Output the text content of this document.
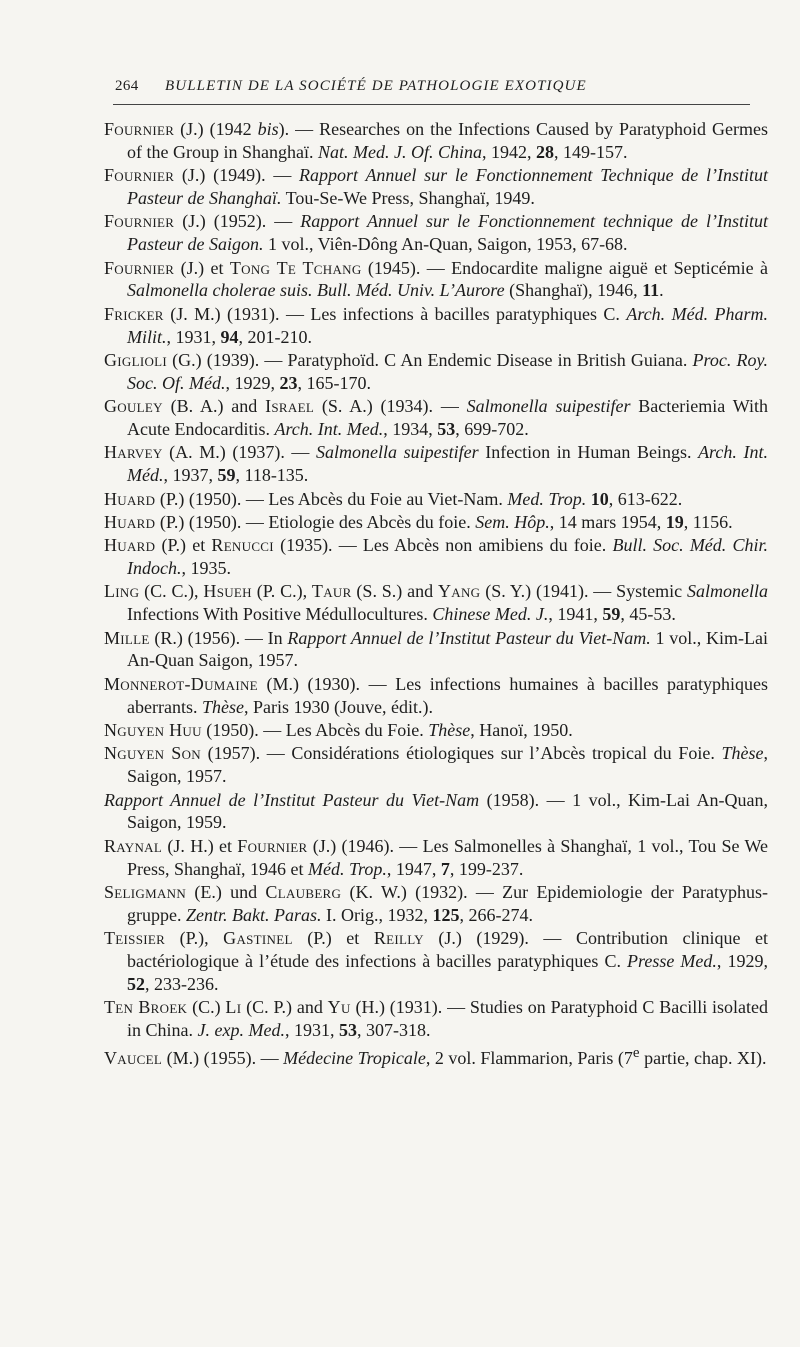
264	BULLETIN DE LA SOCIÉTÉ DE PATHOLOGIE EXOTIQUE

Fournier (J.) (1942 bis). — Researches on the Infections Caused by Paratyphoid Germes of the Group in Shanghaï. Nat. Med. J. Of. China, 1942, 28, 149-157.

Fournier (J.) (1949). — Rapport Annuel sur le Fonctionnement Technique de l’Institut Pasteur de Shanghaï. Tou-Se-We Press, Shanghaï, 1949.

Fournier (J.) (1952). — Rapport Annuel sur le Fonctionnement technique de l’Institut Pasteur de Saigon. 1 vol., Viên-Dông An-Quan, Saigon, 1953, 67-68.

Fournier (J.) et Tong Te Tchang (1945). — Endocardite maligne aiguë et Septicémie à Salmonella cholerae suis. Bull. Méd. Univ. L’Aurore (Shanghaï), 1946, 11.

Fricker (J. M.) (1931). — Les infections à bacilles paratyphiques C. Arch. Méd. Pharm. Milit., 1931, 94, 201-210.

Giglioli (G.) (1939). — Paratyphoïd. C An Endemic Disease in British Guiana. Proc. Roy. Soc. Of. Méd., 1929, 23, 165-170.

Gouley (B. A.) and Israel (S. A.) (1934). — Salmonella suipestifer Bacteriemia With Acute Endocarditis. Arch. Int. Med., 1934, 53, 699-702.

Harvey (A. M.) (1937). — Salmonella suipestifer Infection in Human Beings. Arch. Int. Méd., 1937, 59, 118-135.

Huard (P.) (1950). — Les Abcès du Foie au Viet-Nam. Med. Trop. 10, 613-622.

Huard (P.) (1950). — Etiologie des Abcès du foie. Sem. Hôp., 14 mars 1954, 19, 1156.

Huard (P.) et Renucci (1935). — Les Abcès non amibiens du foie. Bull. Soc. Méd. Chir. Indoch., 1935.

Ling (C. C.), Hsueh (P. C.), Taur (S. S.) and Yang (S. Y.) (1941). — Systemic Salmonella Infections With Positive Médullocultures. Chinese Med. J., 1941, 59, 45-53.

Mille (R.) (1956). — In Rapport Annuel de l’Institut Pasteur du Viet-Nam. 1 vol., Kim-Lai An-Quan Saigon, 1957.

Monnerot-Dumaine (M.) (1930). — Les infections humaines à bacilles paratyphiques aberrants. Thèse, Paris 1930 (Jouve, édit.).

Nguyen Huu (1950). — Les Abcès du Foie. Thèse, Hanoï, 1950.

Nguyen Son (1957). — Considérations étiologiques sur l’Abcès tropical du Foie. Thèse, Saigon, 1957.

Rapport Annuel de l’Institut Pasteur du Viet-Nam (1958). — 1 vol., Kim-Lai An-Quan, Saigon, 1959.

Raynal (J. H.) et Fournier (J.) (1946). — Les Salmonelles à Shanghaï, 1 vol., Tou Se We Press, Shanghaï, 1946 et Méd. Trop., 1947, 7, 199-237.

Seligmann (E.) und Clauberg (K. W.) (1932). — Zur Epidemiologie der Paratyphus-gruppe. Zentr. Bakt. Paras. I. Orig., 1932, 125, 266-274.

Teissier (P.), Gastinel (P.) et Reilly (J.) (1929). — Contribution clinique et bactériologique à l’étude des infections à bacilles paratyphiques C. Presse Med., 1929, 52, 233-236.

Ten Broek (C.) Li (C. P.) and Yu (H.) (1931). — Studies on Paratyphoid C Bacilli isolated in China. J. exp. Med., 1931, 53, 307-318.

Vaucel (M.) (1955). — Médecine Tropicale, 2 vol. Flammarion, Paris (7e partie, chap. XI).
